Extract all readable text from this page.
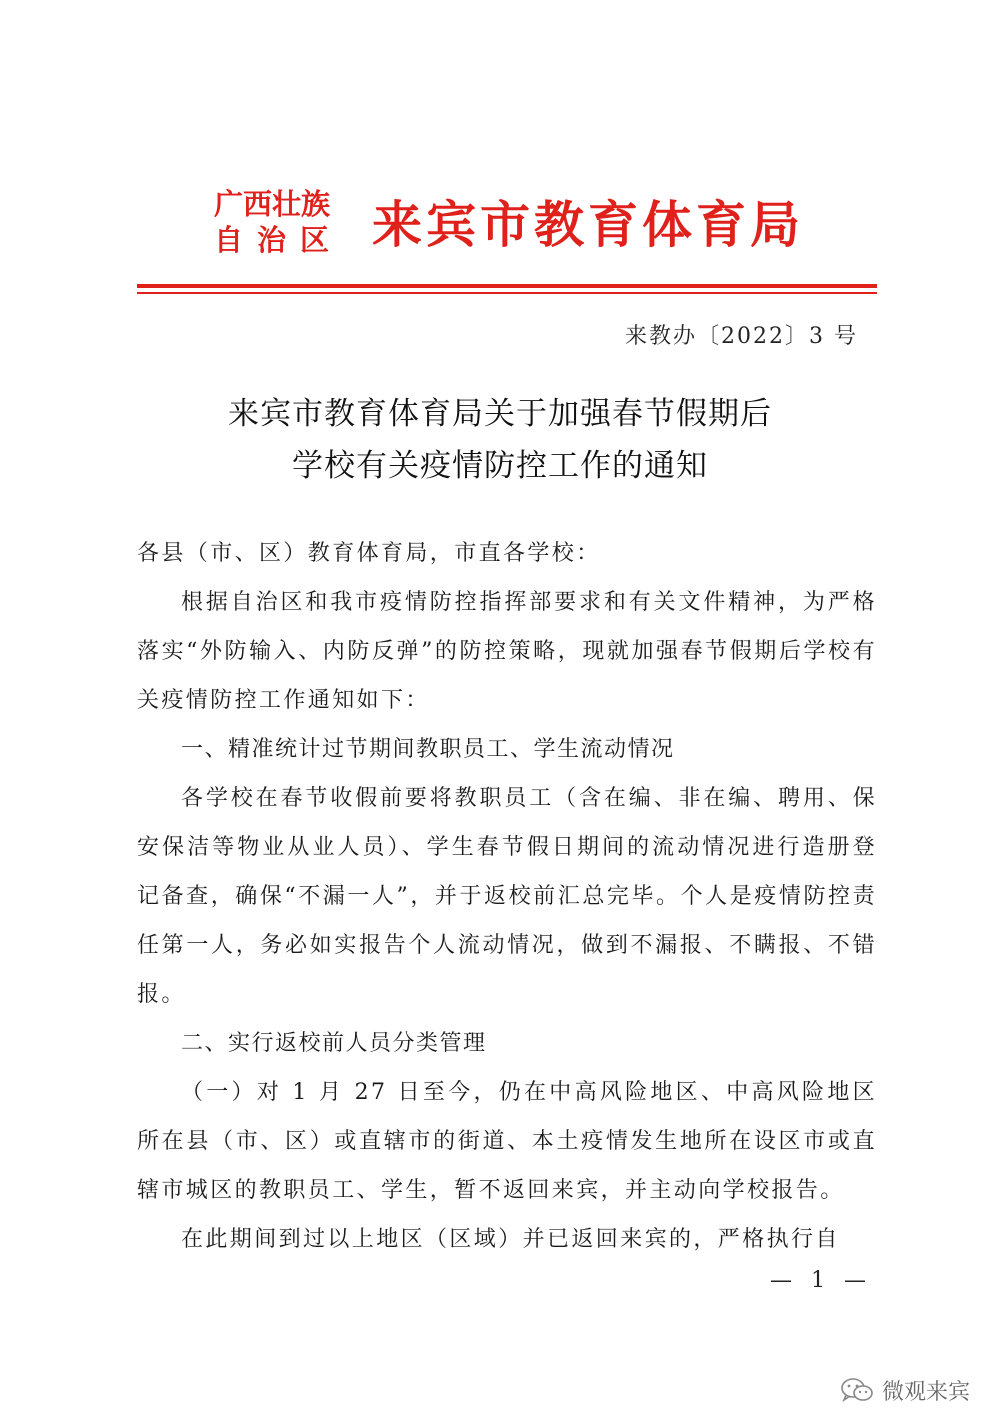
广西壮族
自治区 来宾市教育体育局
来教办〔2022〕3 号
来宾市教育体育局关于加强春节假期后
学校有关疫情防控工作的通知

各县（市、区）教育体育局，市直各学校：

根据自治区和我市疫情防控指挥部要求和有关文件精神，为严格落实“外防输入、内防反弹”的防控策略，现就加强春节假期后学校有关疫情防控工作通知如下：

一、精准统计过节期间教职员工、学生流动情况

各学校在春节收假前要将教职员工（含在编、非在编、聘用、保安保洁等物业从业人员）、学生春节假日期间的流动情况进行造册登记备查，确保“不漏一人”，并于返校前汇总完毕。个人是疫情防控责任第一人，务必如实报告个人流动情况，做到不漏报、不瞒报、不错报。

二、实行返校前人员分类管理

（一）对 1 月 27 日至今，仍在中高风险地区、中高风险地区所在县（市、区）或直辖市的街道、本土疫情发生地所在设区市或直辖市城区的教职员工、学生，暂不返回来宾，并主动向学校报告。

在此期间到过以上地区（区域）并已返回来宾的，严格执行自

— 1 —
微观来宾
